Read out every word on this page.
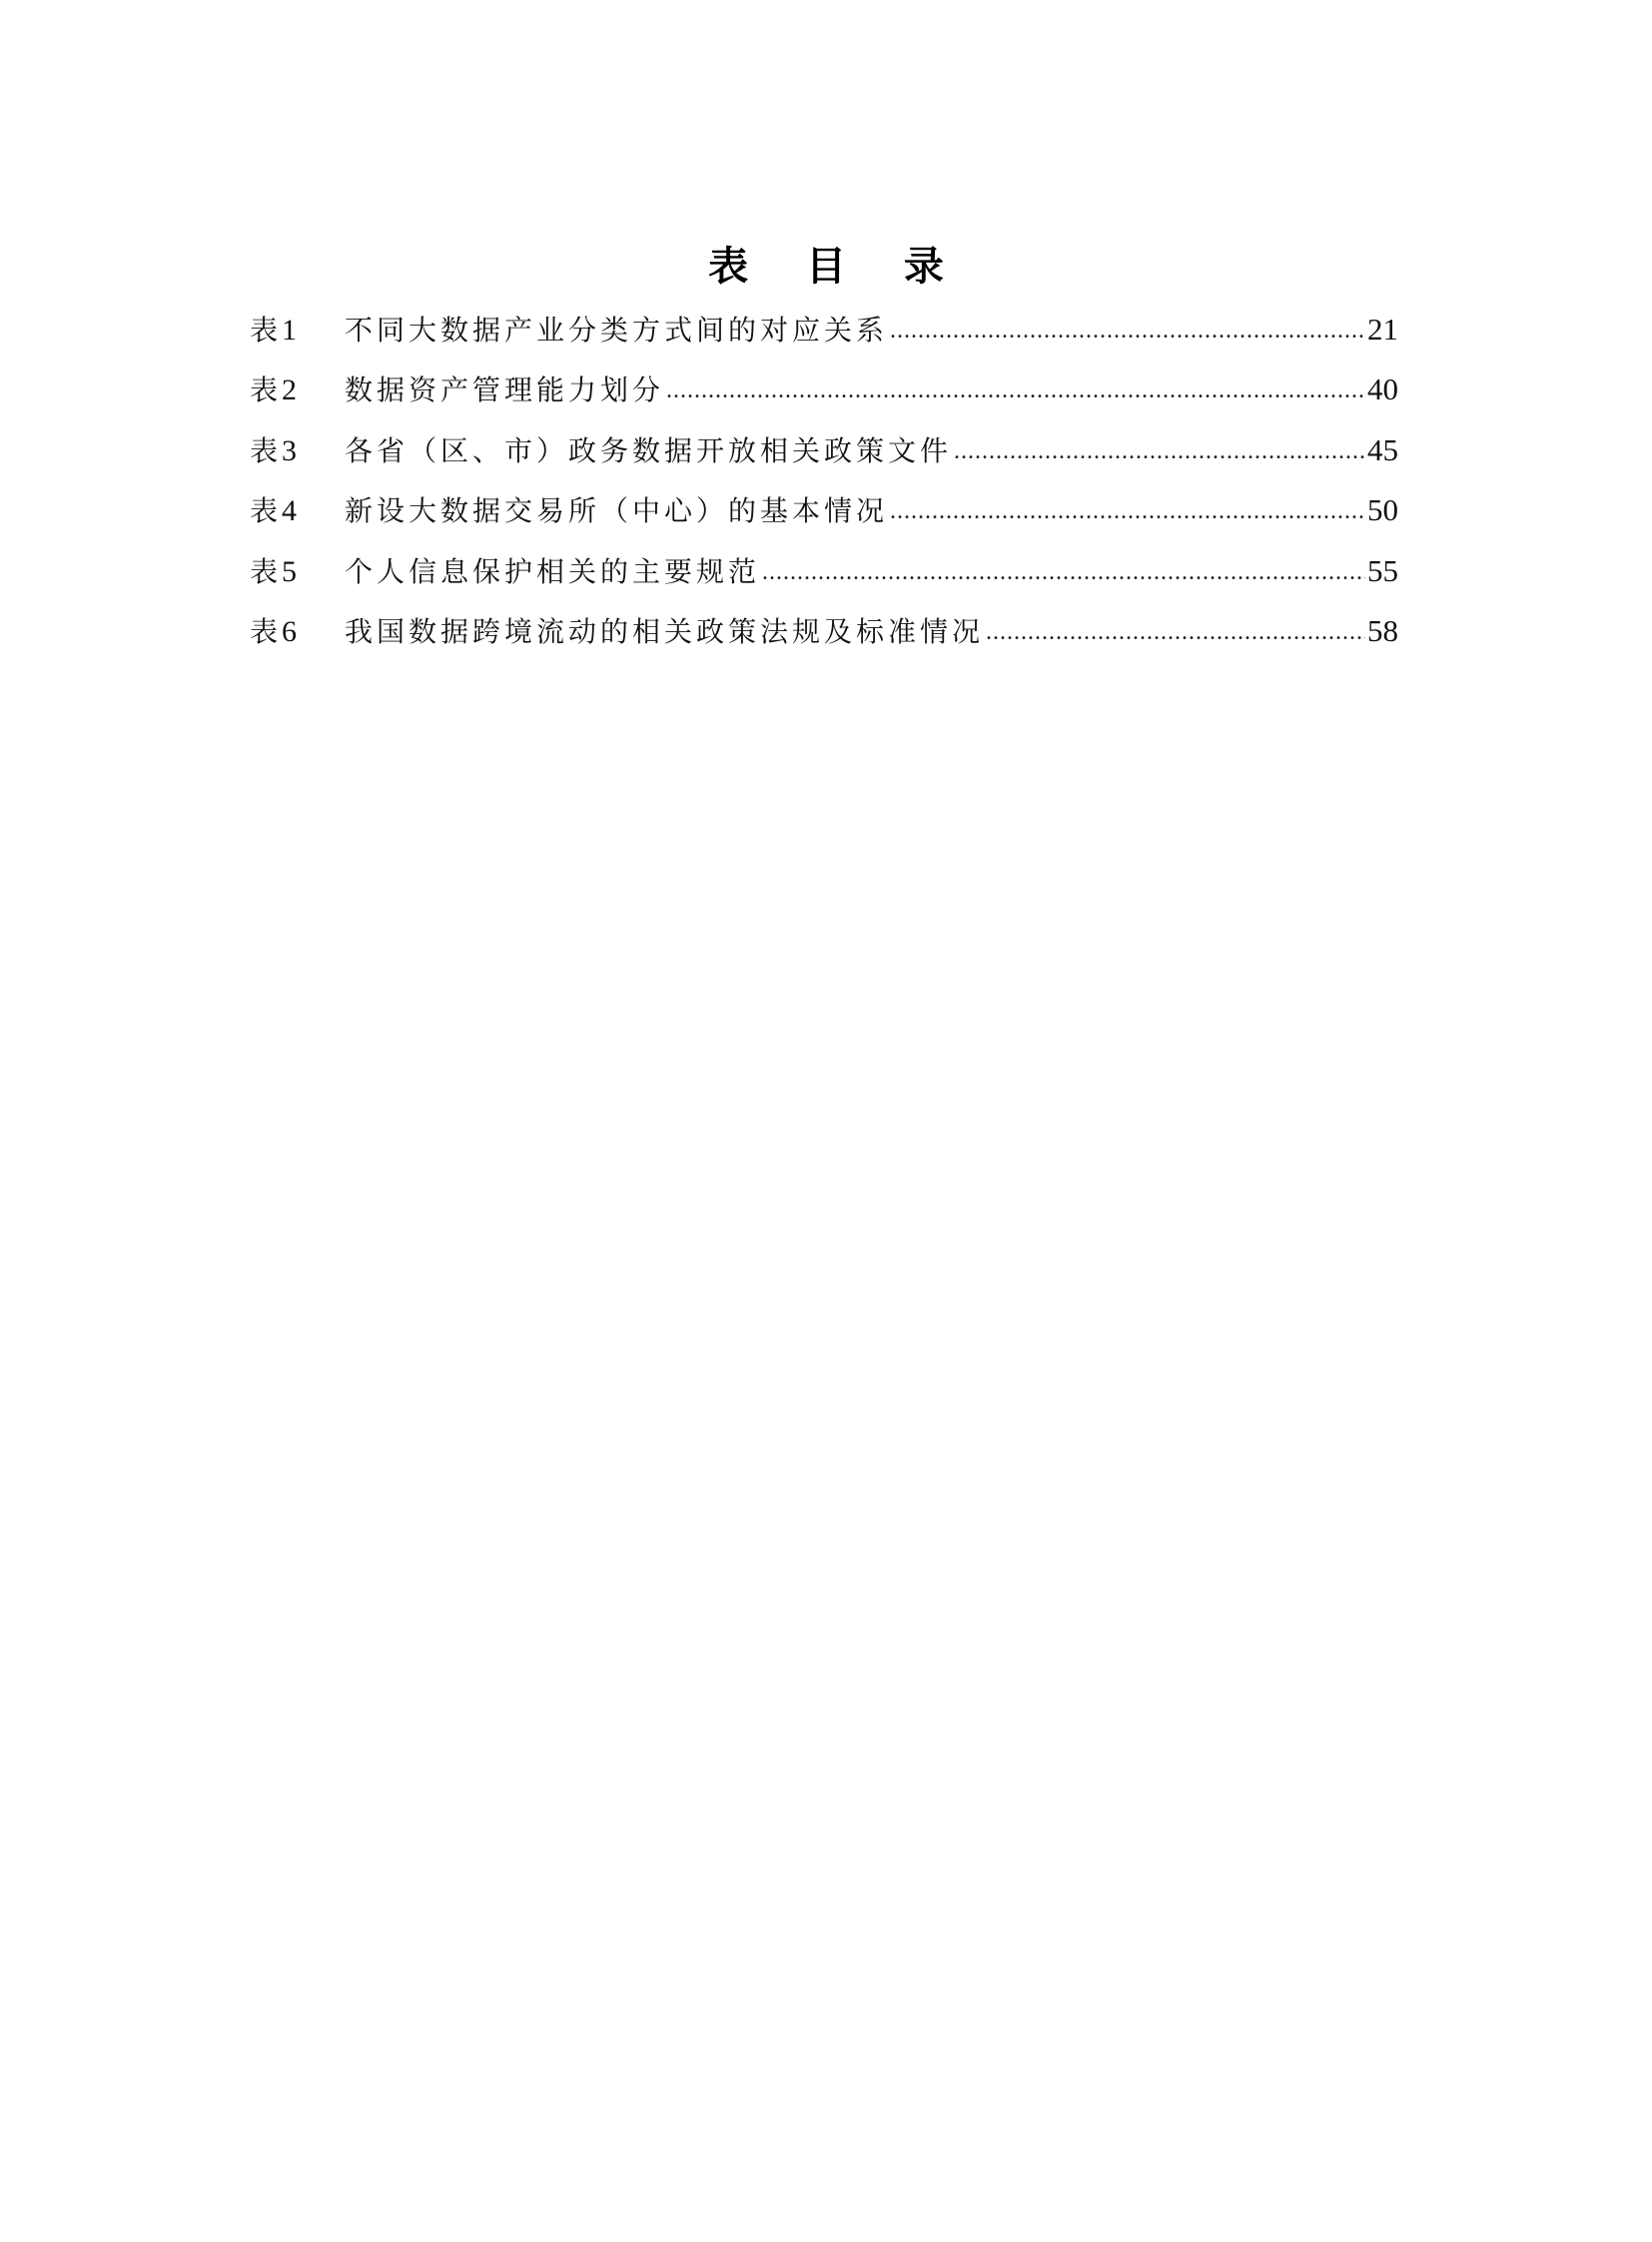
表 目 录
表 1	不同大数据产业分类方式间的对应关系 .....	21
表 2	数据资产管理能力划分 .....	40
表 3	各省（区、市）政务数据开放相关政策文件 .....	45
表 4	新设大数据交易所（中心）的基本情况 .....	50
表 5	个人信息保护相关的主要规范 .....	55
表 6	我国数据跨境流动的相关政策法规及标准情况 .....	58
